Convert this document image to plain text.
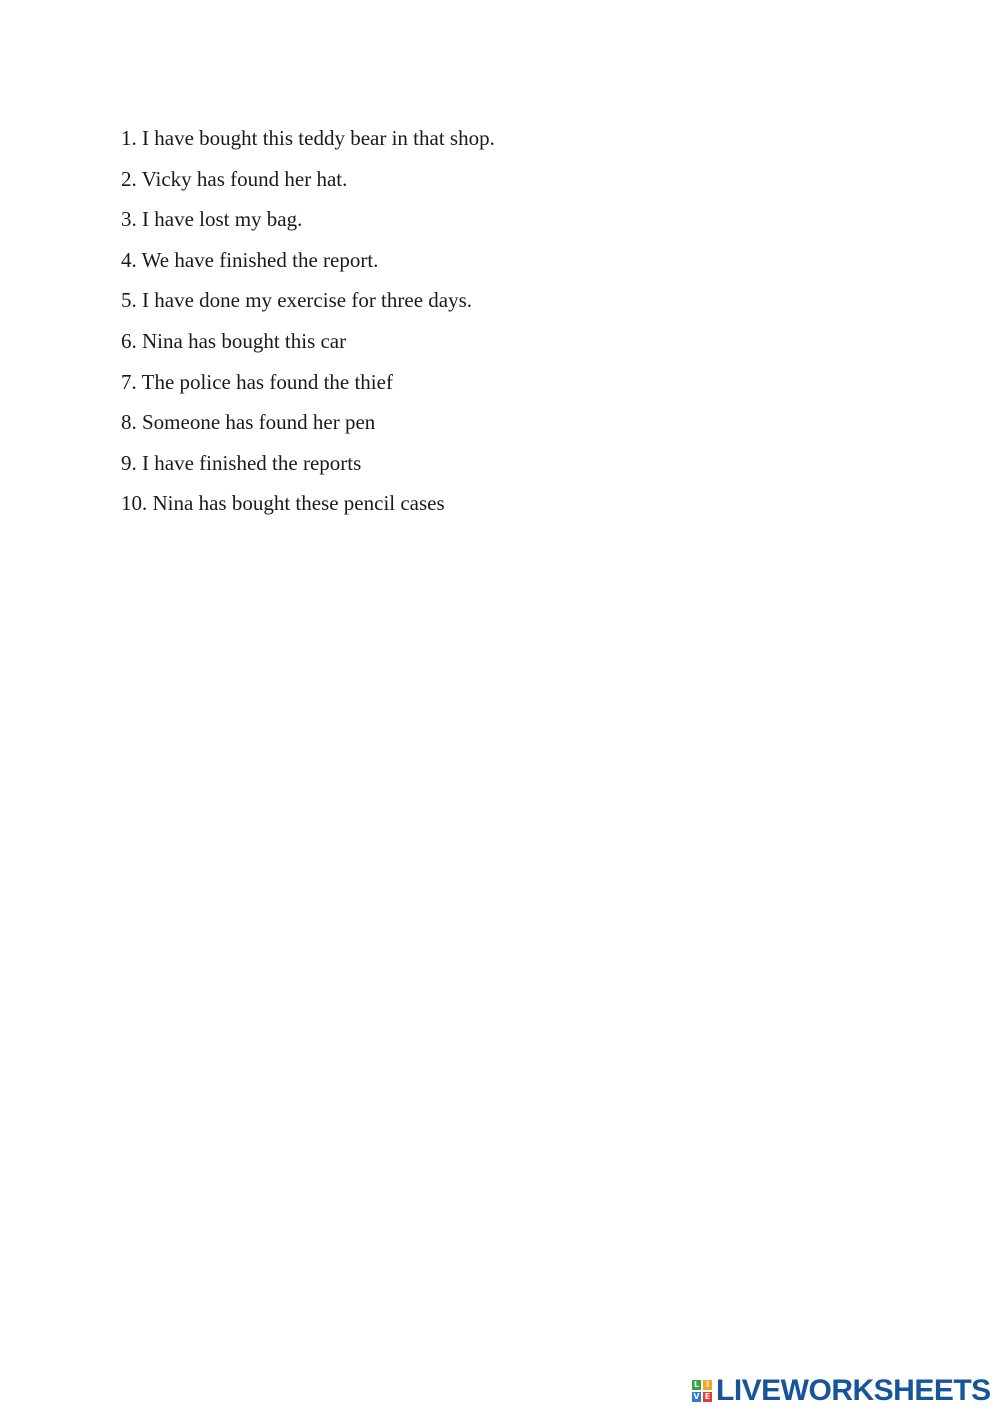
1. I have bought this teddy bear in that shop.
2. Vicky has found her hat.
3. I have lost my bag.
4. We have finished the report.
5. I have done my exercise for three days.
6. Nina has bought this car
7. The police has found the thief
8. Someone has found her pen
9. I have finished the reports
10. Nina has bought these pencil cases
L I
V E LIVEWORKSHEETS
